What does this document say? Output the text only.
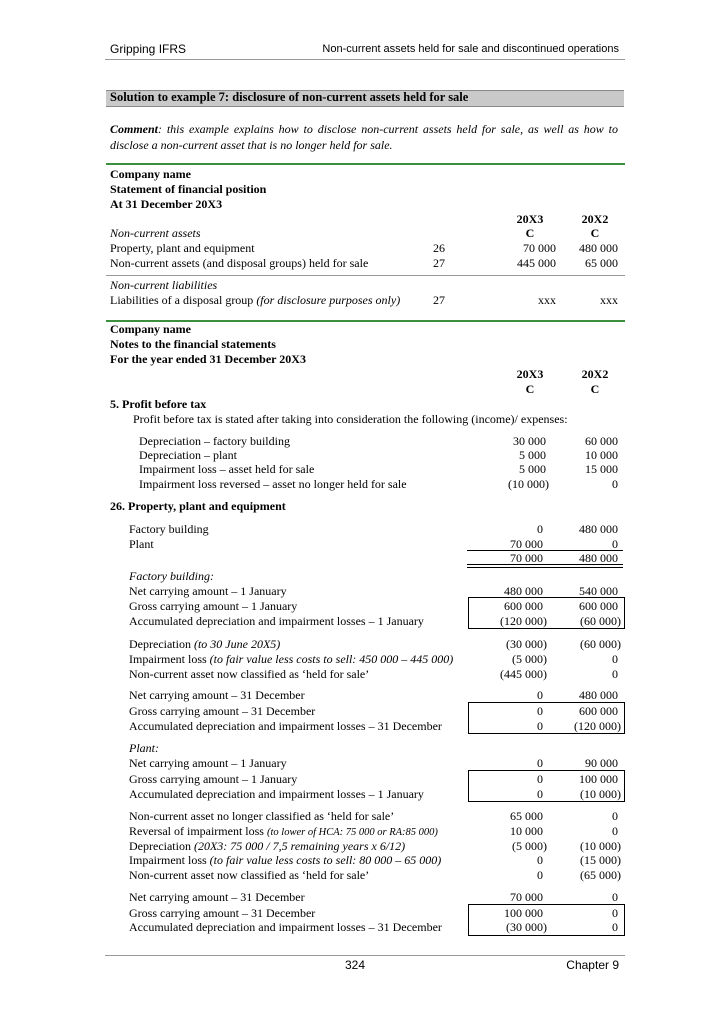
Gripping IFRS	Non-current assets held for sale and discontinued operations
Solution to example 7: disclosure of non-current assets held for sale
Comment: this example explains how to disclose non-current assets held for sale, as well as how to
disclose a non-current asset that is no longer held for sale.
Company name
Statement of financial position
At 31 December 20X3
20X3	20X2
C	C
Non-current assets
Property, plant and equipment	26	70 000	480 000
Non-current assets (and disposal groups) held for sale	27	445 000	65 000
Non-current liabilities
Liabilities of a disposal group (for disclosure purposes only)	27	xxx	xxx
Company name
Notes to the financial statements
For the year ended 31 December 20X3
20X3	20X2
C	C
5. Profit before tax
Profit before tax is stated after taking into consideration the following (income)/ expenses:
Depreciation – factory building	30 000	60 000
Depreciation – plant	5 000	10 000
Impairment loss – asset held for sale	5 000	15 000
Impairment loss reversed – asset no longer held for sale	(10 000)	0
26. Property, plant and equipment
Factory building	0	480 000
Plant	70 000	0
70 000	480 000
Factory building:
Net carrying amount – 1 January	480 000	540 000
Gross carrying amount – 1 January	600 000	600 000
Accumulated depreciation and impairment losses – 1 January	(120 000)	(60 000)
Depreciation (to 30 June 20X5)	(30 000)	(60 000)
Impairment loss (to fair value less costs to sell: 450 000 – 445 000)	(5 000)	0
Non-current asset now classified as ‘held for sale’	(445 000)	0
Net carrying amount – 31 December	0	480 000
Gross carrying amount – 31 December	0	600 000
Accumulated depreciation and impairment losses – 31 December	0	(120 000)
Plant:
Net carrying amount – 1 January	0	90 000
Gross carrying amount – 1 January	0	100 000
Accumulated depreciation and impairment losses – 1 January	0	(10 000)
Non-current asset no longer classified as ‘held for sale’	65 000	0
Reversal of impairment loss (to lower of HCA: 75 000 or RA:85 000)	10 000	0
Depreciation (20X3: 75 000 / 7,5 remaining years x 6/12)	(5 000)	(10 000)
Impairment loss (to fair value less costs to sell: 80 000 – 65 000)	0	(15 000)
Non-current asset now classified as ‘held for sale’	0	(65 000)
Net carrying amount – 31 December	70 000	0
Gross carrying amount – 31 December	100 000	0
Accumulated depreciation and impairment losses – 31 December	(30 000)	0
324	Chapter 9
